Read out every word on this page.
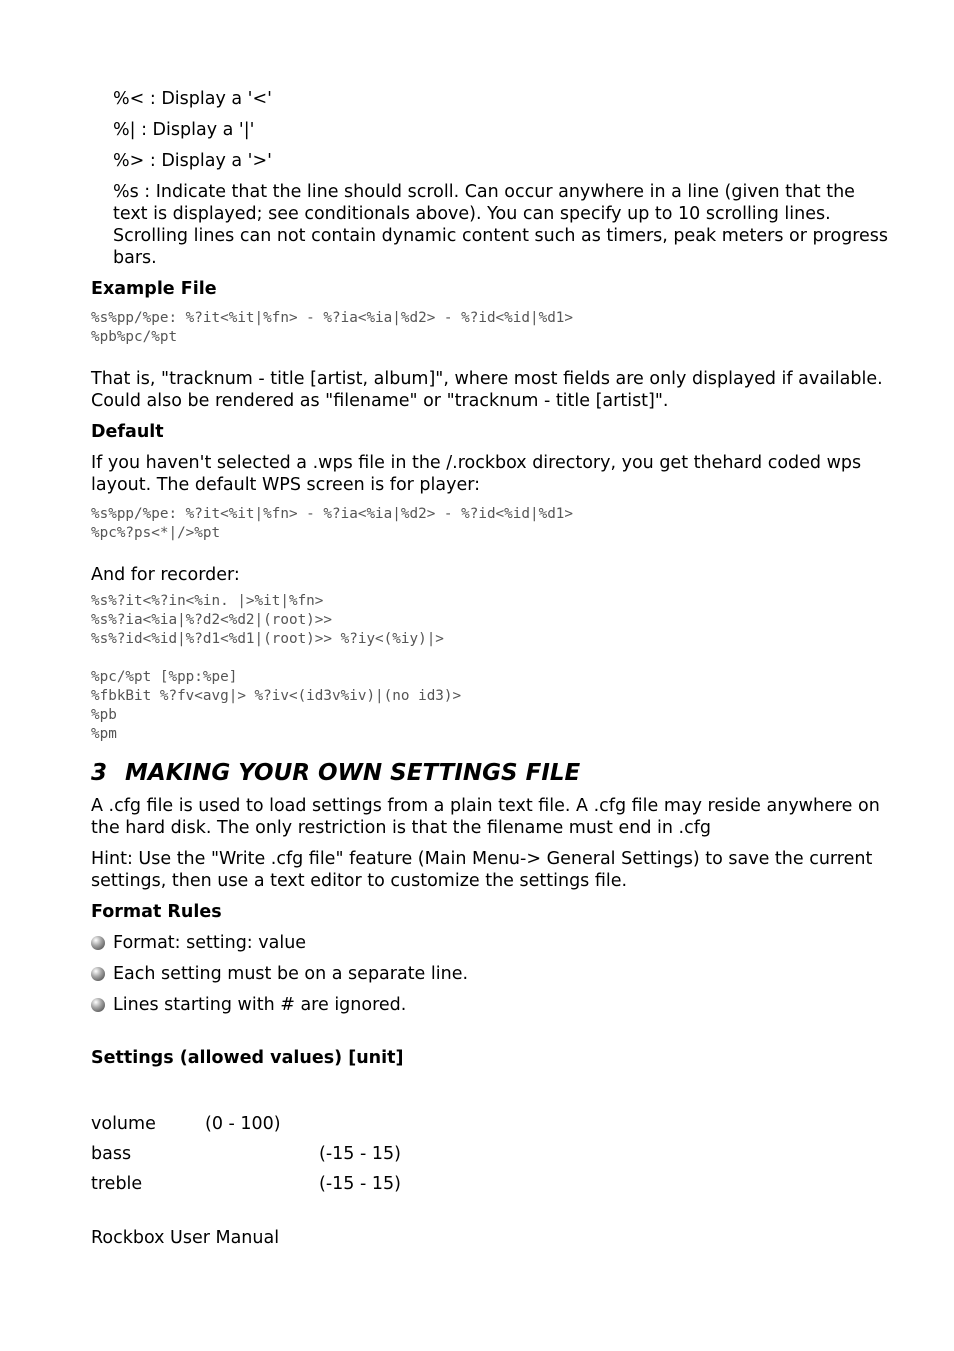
%< : Display a '<'

%| : Display a '|'

%> : Display a '>'

%s : Indicate that the line should scroll. Can occur anywhere in a line (given that the text is displayed; see conditionals above). You can specify up to 10 scrolling lines. Scrolling lines can not contain dynamic content such as timers, peak meters or progress bars.

Example File

%s%pp/%pe: %?it<%it|%fn> - %?ia<%ia|%d2> - %?id<%id|%d1>
%pb%pc/%pt

That is, "tracknum - title [artist, album]", where most fields are only displayed if available. Could also be rendered as "filename" or "tracknum - title [artist]".

Default

If you haven't selected a .wps file in the /.rockbox directory, you get thehard coded wps layout. The default WPS screen is for player:

%s%pp/%pe: %?it<%it|%fn> - %?ia<%ia|%d2> - %?id<%id|%d1>
%pc%?ps<*|/>%pt

And for recorder:

%s%?it<%?in<%in. |>%it|%fn>
%s%?ia<%ia|%?d2<%d2|(root)>>
%s%?id<%id|%?d1<%d1|(root)>> %?iy<(%iy)|>

%pc/%pt [%pp:%pe]
%fbkBit %?fv<avg|> %?iv<(id3v%iv)|(no id3)>
%pb
%pm
3 MAKING YOUR OWN SETTINGS FILE

A .cfg file is used to load settings from a plain text file. A .cfg file may reside anywhere on the hard disk. The only restriction is that the filename must end in .cfg

Hint: Use the "Write .cfg file" feature (Main Menu-> General Settings) to save the current settings, then use a text editor to customize the settings file.

Format Rules

Format: setting: value
Each setting must be on a separate line.
Lines starting with # are ignored.

Settings (allowed values) [unit]

volume	(0 - 100)	
bass		(-15 - 15)
treble		(-15 - 15)

Rockbox User Manual
